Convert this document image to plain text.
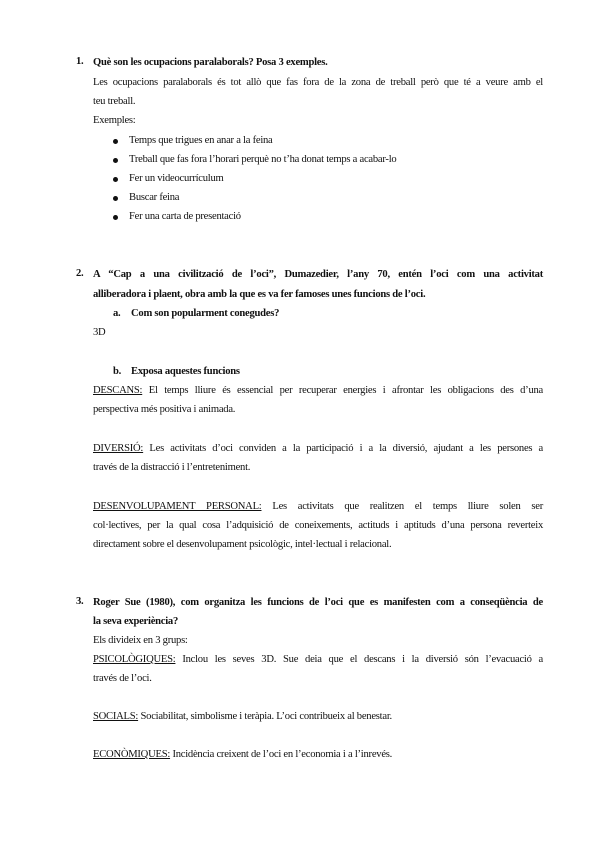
1. Què son les ocupacions paralaborals? Posa 3 exemples.
Les ocupacions paralaborals és tot allò que fas fora de la zona de treball però que té a veure amb el
teu treball.
Exemples:
Temps que trigues en anar a la feina
Treball que fas fora l’horari perquè no t’ha donat temps a acabar-lo
Fer un videocurrículum
Buscar feina
Fer una carta de presentació
2. A “Cap a una civilització de l’oci”, Dumazedier, l’any 70, entén l’oci com una activitat
alliberadora i plaent, obra amb la que es va fer famoses unes funcions de l’oci.
a. Com son popularment conegudes?
3D
b. Exposa aquestes funcions
DESCANS: El temps lliure és essencial per recuperar energies i afrontar les obligacions des d’una
perspectiva més positiva i animada.
DIVERSIÓ: Les activitats d’oci conviden a la participació i a la diversió, ajudant a les persones a
través de la distracció i l’entreteniment.
DESENVOLUPAMENT PERSONAL: Les activitats que realitzen el temps lliure solen ser
col·lectives, per la qual cosa l’adquisició de coneixements, actituds i aptituds d’una persona reverteix
directament sobre el desenvolupament psicològic, intel·lectual i relacional.
3. Roger Sue (1980), com organitza les funcions de l’oci que es manifesten com a conseqüència de
la seva experiència?
Els divideix en 3 grups:
PSICOLÒGIQUES: Inclou les seves 3D. Sue deia que el descans i la diversió són l’evacuació a
través de l’oci.
SOCIALS: Sociabilitat, simbolisme i teràpia. L’oci contribueix al benestar.
ECONÒMIQUES: Incidència creixent de l’oci en l’economia i a l’inrevés.
